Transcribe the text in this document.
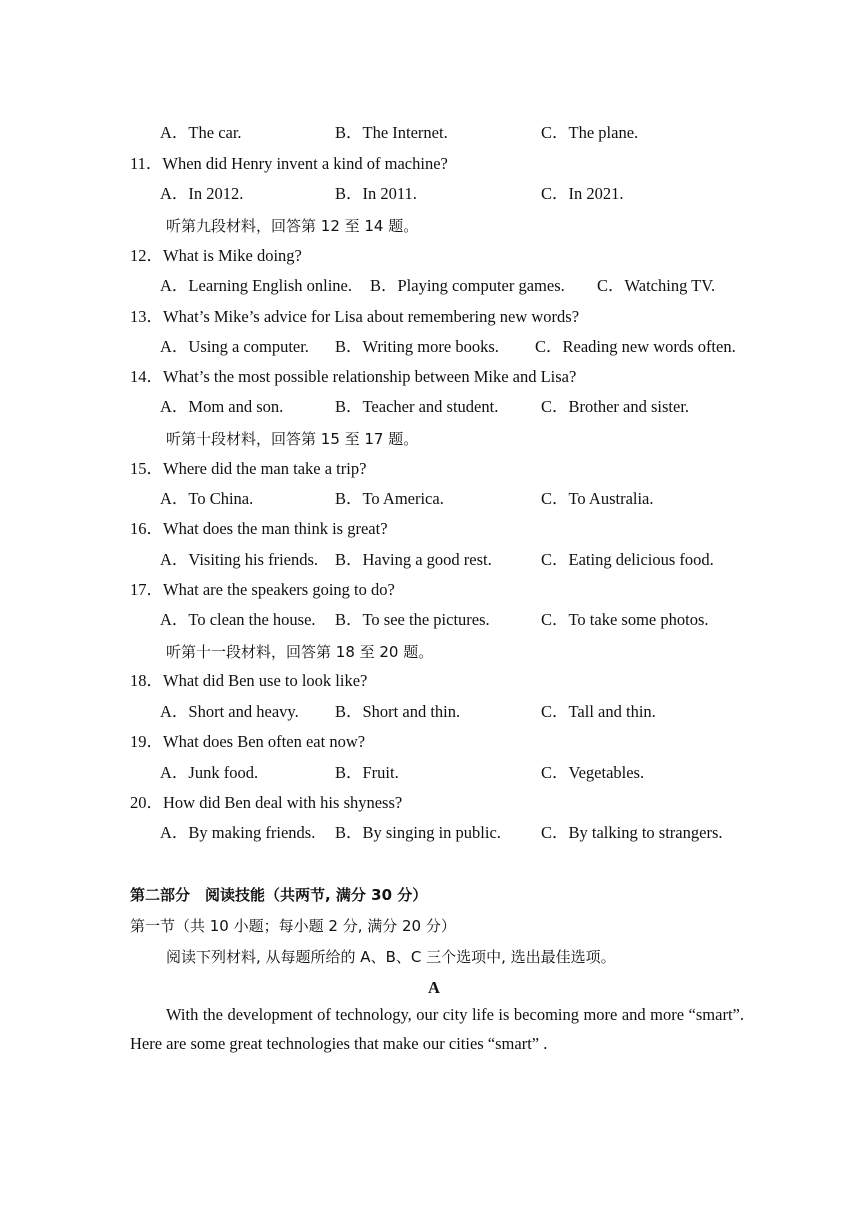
A．The car.	B．The Internet.	C．The plane.
11．When did Henry invent a kind of machine?
A．In 2012.	B．In 2011.	C．In 2021.
听第九段材料，回答第 12 至 14 题。
12．What is Mike doing?
A．Learning English online. B．Playing computer games. C．Watching TV.
13．What’s Mike’s advice for Lisa about remembering new words?
A．Using a computer. B．Writing more books. C．Reading new words often.
14．What’s the most possible relationship between Mike and Lisa?
A．Mom and son.	B．Teacher and student.	C．Brother and sister.
听第十段材料，回答第 15 至 17 题。
15．Where did the man take a trip?
A．To China.	B．To America.	C．To Australia.
16．What does the man think is great?
A．Visiting his friends. B．Having a good rest.	C．Eating delicious food.
17．What are the speakers going to do?
A．To clean the house. B．To see the pictures.	C．To take some photos.
听第十一段材料，回答第 18 至 20 题。
18．What did Ben use to look like?
A．Short and heavy. B．Short and thin.	C．Tall and thin.
19．What does Ben often eat now?
A．Junk food.	B．Fruit.	C．Vegetables.
20．How did Ben deal with his shyness?
A．By making friends. B．By singing in public. C．By talking to strangers.
第二部分　阅读技能（共两节, 满分 30 分）
第一节（共 10 小题；每小题 2 分, 满分 20 分）
阅读下列材料, 从每题所给的 A、B、C 三个选项中, 选出最佳选项。
A
With the development of technology, our city life is becoming more and more “smart”. Here are some great technologies that make our cities “smart” .
